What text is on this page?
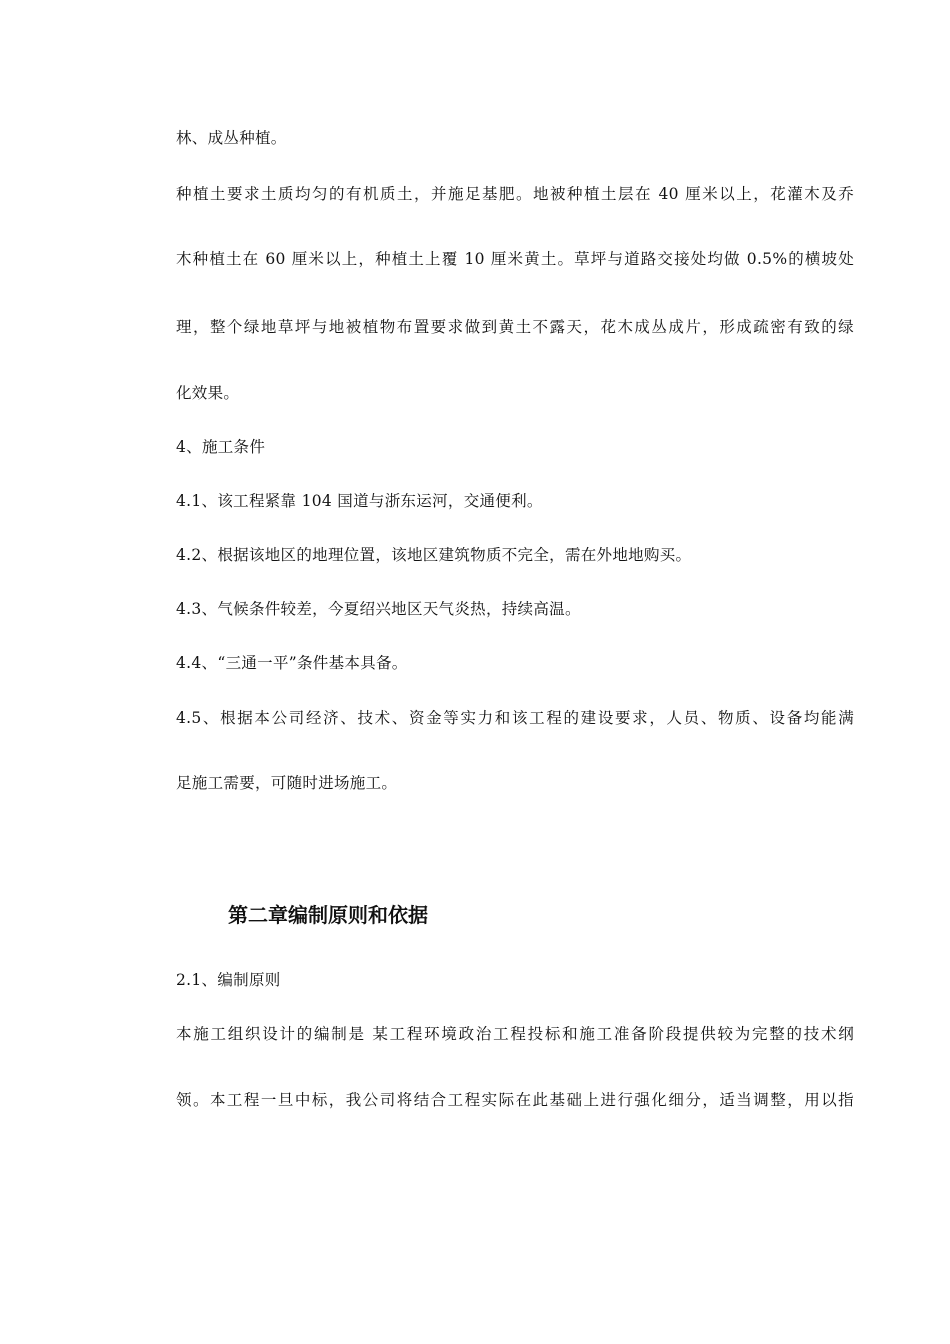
林、成丛种植。
种植土要求土质均匀的有机质土，并施足基肥。地被种植土层在 40 厘米以上，花灌木及乔
木种植土在 60 厘米以上，种植土上覆 10 厘米黄土。草坪与道路交接处均做 0.5%的横坡处
理，整个绿地草坪与地被植物布置要求做到黄土不露天，花木成丛成片，形成疏密有致的绿
化效果。
4、施工条件
4.1、该工程紧靠 104 国道与浙东运河，交通便利。
4.2、根据该地区的地理位置，该地区建筑物质不完全，需在外地地购买。
4.3、气候条件较差，今夏绍兴地区天气炎热，持续高温。
4.4、“三通一平”条件基本具备。
4.5、根据本公司经济、技术、资金等实力和该工程的建设要求，人员、物质、设备均能满
足施工需要，可随时进场施工。
第二章编制原则和依据
2.1、编制原则
本施工组织设计的编制是 某工程环境政治工程投标和施工准备阶段提供较为完整的技术纲
领。本工程一旦中标，我公司将结合工程实际在此基础上进行强化细分，适当调整，用以指
